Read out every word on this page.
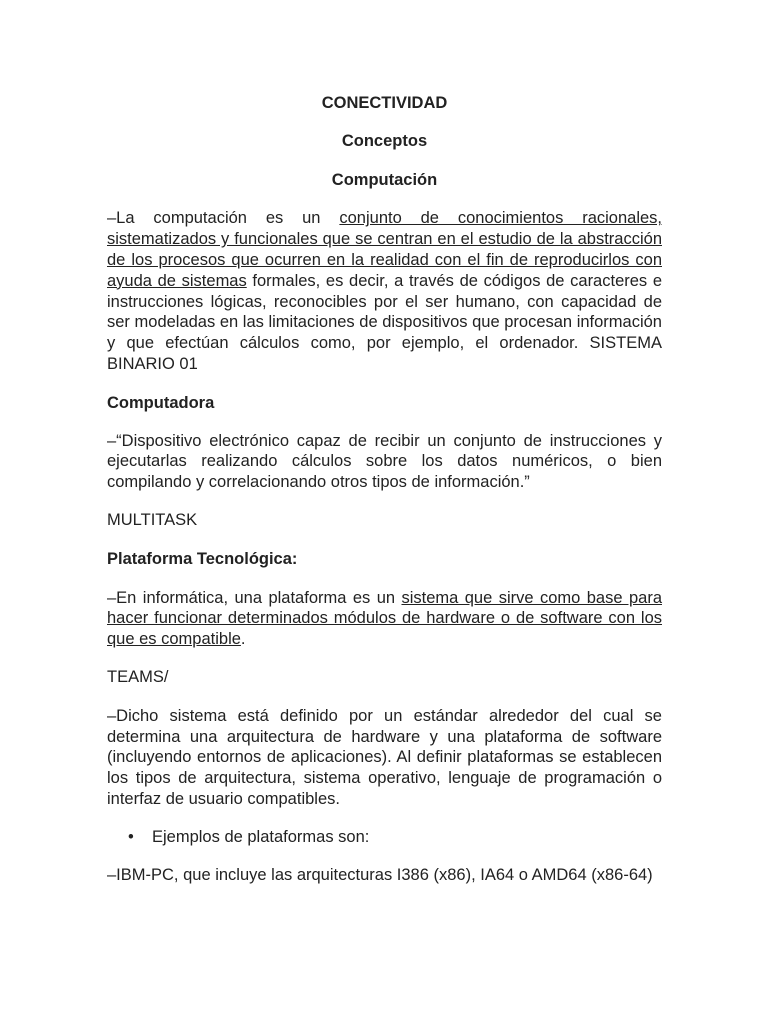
CONECTIVIDAD

Conceptos

Computación

–La computación es un conjunto de conocimientos racionales, sistematizados y funcionales que se centran en el estudio de la abstracción de los procesos que ocurren en la realidad con el fin de reproducirlos con ayuda de sistemas formales, es decir, a través de códigos de caracteres e instrucciones lógicas, reconocibles por el ser humano, con capacidad de ser modeladas en las limitaciones de dispositivos que procesan información y que efectúan cálculos como, por ejemplo, el ordenador. SISTEMA BINARIO 01

Computadora

–“Dispositivo electrónico capaz de recibir un conjunto de instrucciones y ejecutarlas realizando cálculos sobre los datos numéricos, o bien compilando y correlacionando otros tipos de información.”

MULTITASK

Plataforma Tecnológica:

–En informática, una plataforma es un sistema que sirve como base para hacer funcionar determinados módulos de hardware o de software con los que es compatible.

TEAMS/

–Dicho sistema está definido por un estándar alrededor del cual se determina una arquitectura de hardware y una plataforma de software (incluyendo entornos de aplicaciones). Al definir plataformas se establecen los tipos de arquitectura, sistema operativo, lenguaje de programación o interfaz de usuario compatibles.

• Ejemplos de plataformas son:

–IBM-PC, que incluye las arquitecturas I386 (x86), IA64 o AMD64 (x86-64)
